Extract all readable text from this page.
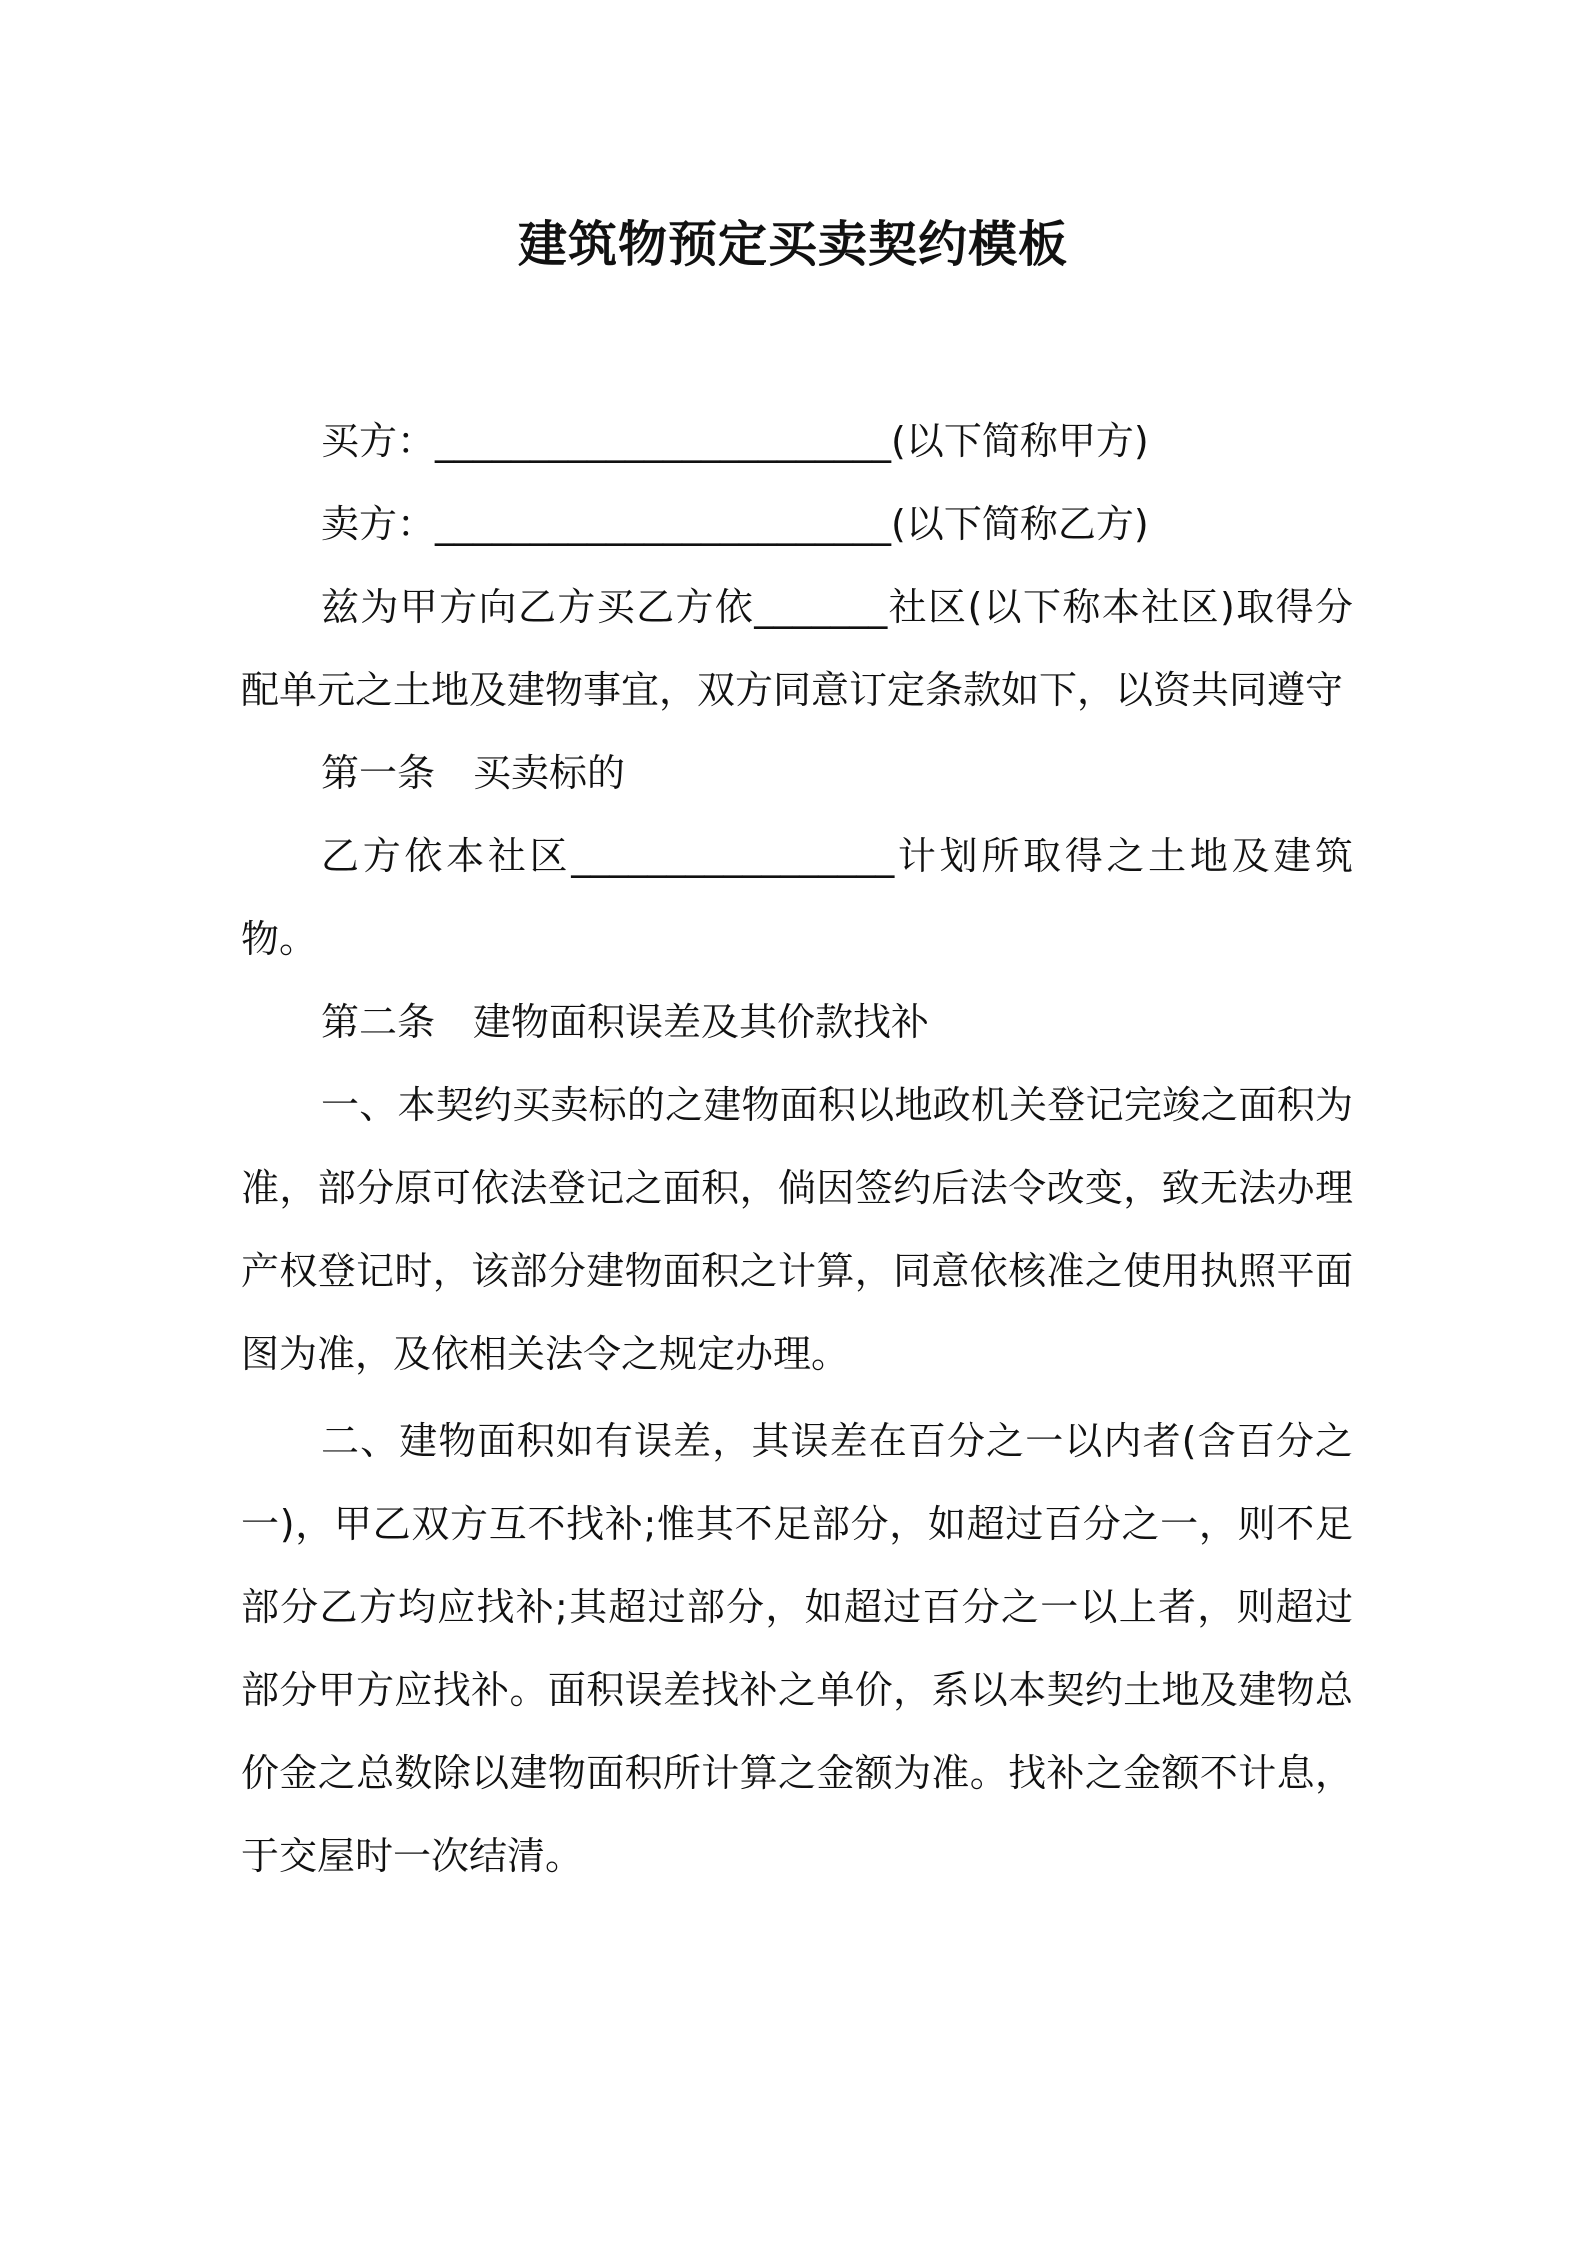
建筑物预定买卖契约模板

买方：________________________(以下简称甲方)

卖方：________________________(以下简称乙方)

兹为甲方向乙方买乙方依_______社区(以下称本社区)取得分配单元之土地及建物事宜，双方同意订定条款如下，以资共同遵守

第一条　买卖标的

乙方依本社区_________________计划所取得之土地及建筑物。

第二条　建物面积误差及其价款找补

一、本契约买卖标的之建物面积以地政机关登记完竣之面积为准，部分原可依法登记之面积，倘因签约后法令改变，致无法办理产权登记时，该部分建物面积之计算，同意依核准之使用执照平面图为准，及依相关法令之规定办理。

二、建物面积如有误差，其误差在百分之一以内者(含百分之一)，甲乙双方互不找补;惟其不足部分，如超过百分之一，则不足部分乙方均应找补;其超过部分，如超过百分之一以上者，则超过部分甲方应找补。面积误差找补之单价，系以本契约土地及建物总价金之总数除以建物面积所计算之金额为准。找补之金额不计息，于交屋时一次结清。
